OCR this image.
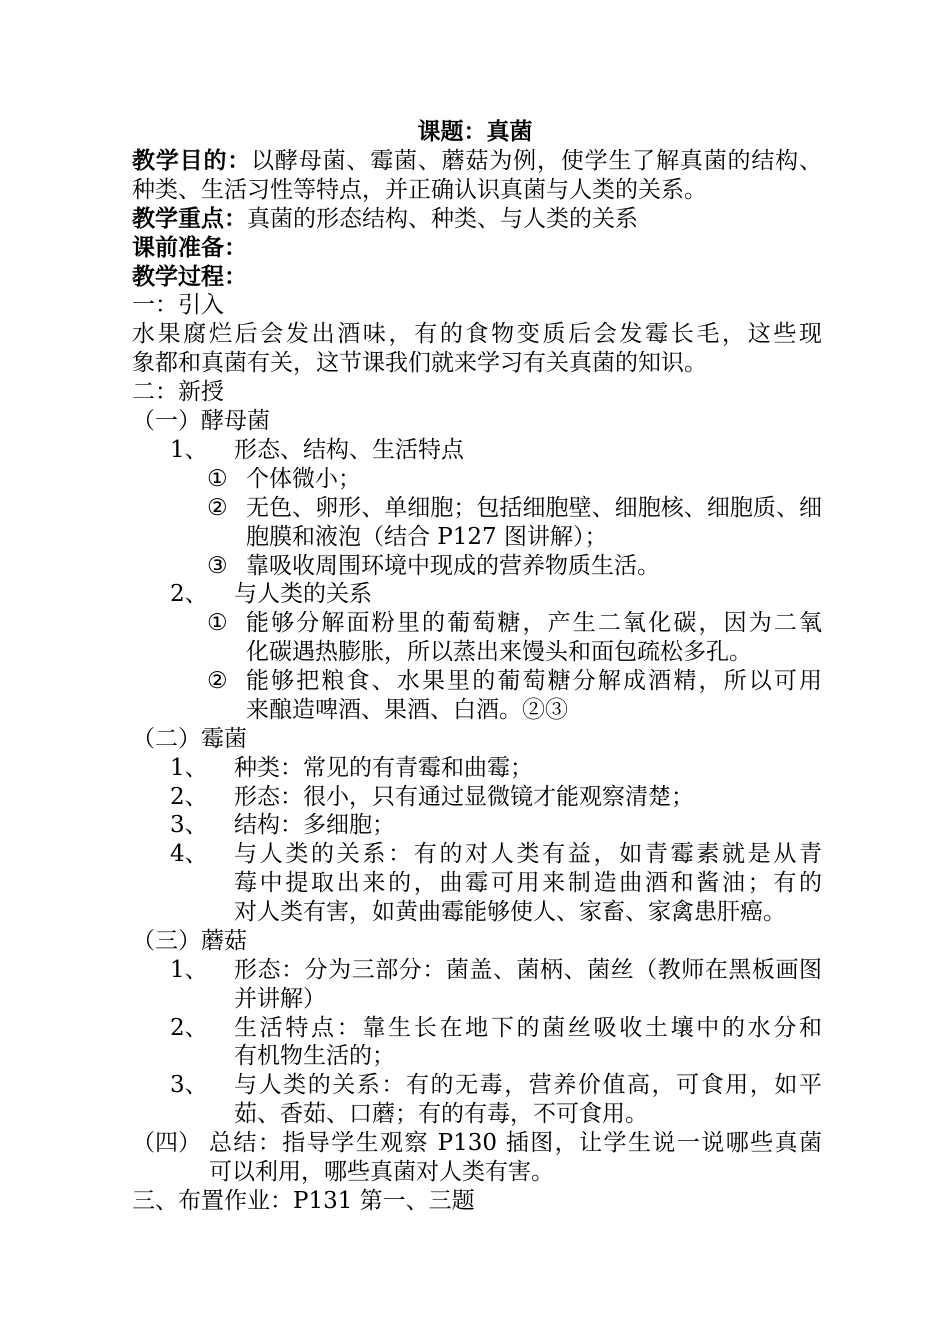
课题：真菌
教学目的：以酵母菌、霉菌、蘑菇为例，使学生了解真菌的结构、
种类、生活习性等特点，并正确认识真菌与人类的关系。
教学重点：真菌的形态结构、种类、与人类的关系
课前准备：
教学过程：
一：引入
水果腐烂后会发出酒味，有的食物变质后会发霉长毛，这些现
象都和真菌有关，这节课我们就来学习有关真菌的知识。
二：新授
（一）酵母菌
1、 形态、结构、生活特点
① 个体微小；
② 无色、卵形、单细胞；包括细胞壁、细胞核、细胞质、细
胞膜和液泡（结合 P127 图讲解）；
③ 靠吸收周围环境中现成的营养物质生活。
2、 与人类的关系
① 能够分解面粉里的葡萄糖，产生二氧化碳，因为二氧
化碳遇热膨胀，所以蒸出来馒头和面包疏松多孔。
② 能够把粮食、水果里的葡萄糖分解成酒精，所以可用
来酿造啤酒、果酒、白酒。②③
（二）霉菌
1、 种类：常见的有青霉和曲霉；
2、 形态：很小，只有通过显微镜才能观察清楚；
3、 结构：多细胞；
4、 与人类的关系：有的对人类有益，如青霉素就是从青
莓中提取出来的，曲霉可用来制造曲酒和酱油；有的
对人类有害，如黄曲霉能够使人、家畜、家禽患肝癌。
（三）蘑菇
1、 形态：分为三部分：菌盖、菌柄、菌丝（教师在黑板画图
并讲解）
2、 生活特点：靠生长在地下的菌丝吸收土壤中的水分和
有机物生活的；
3、 与人类的关系：有的无毒，营养价值高，可食用，如平
茹、香茹、口蘑；有的有毒，不可食用。
（四） 总结：指导学生观察 P130 插图，让学生说一说哪些真菌
可以利用，哪些真菌对人类有害。
三、布置作业：P131 第一、三题
